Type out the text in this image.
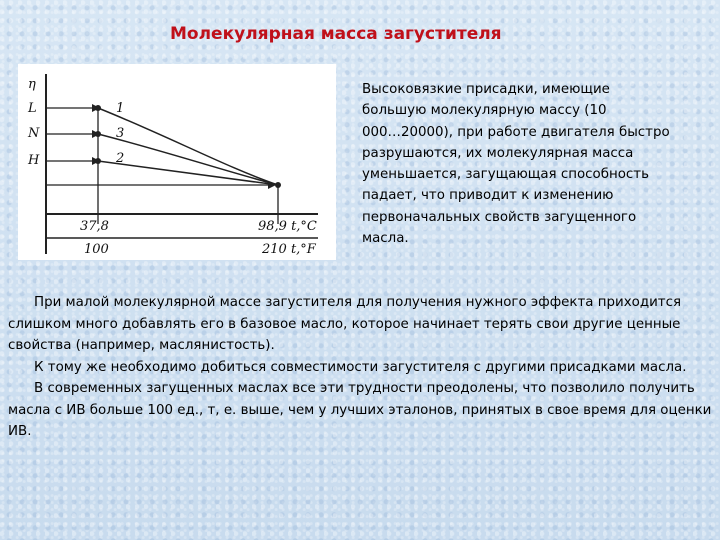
Молекулярная масса загустителя
η
L
N
H
1
3
2
37,8	98,9 t,°C
100	210 t,°F
Высоковязкие присадки, имеющие
большую молекулярную массу (10
000…20000), при работе двигателя быстро
разрушаются, их молекулярная масса
уменьшается, загущающая способность
падает, что приводит к изменению
первоначальных свойств загущенного
масла.

При малой молекулярной массе загустителя для получения нужного эффекта приходится слишком много добавлять его в базовое масло, которое начинает терять свои другие ценные свойства (например, маслянистость).

К тому же необходимо добиться совместимости загустителя с другими присадками масла.

В современных загущенных маслах все эти трудности преодолены, что позволило получить масла с ИВ больше 100 ед., т, е. выше, чем у лучших эталонов, принятых в свое время для оценки ИВ.
